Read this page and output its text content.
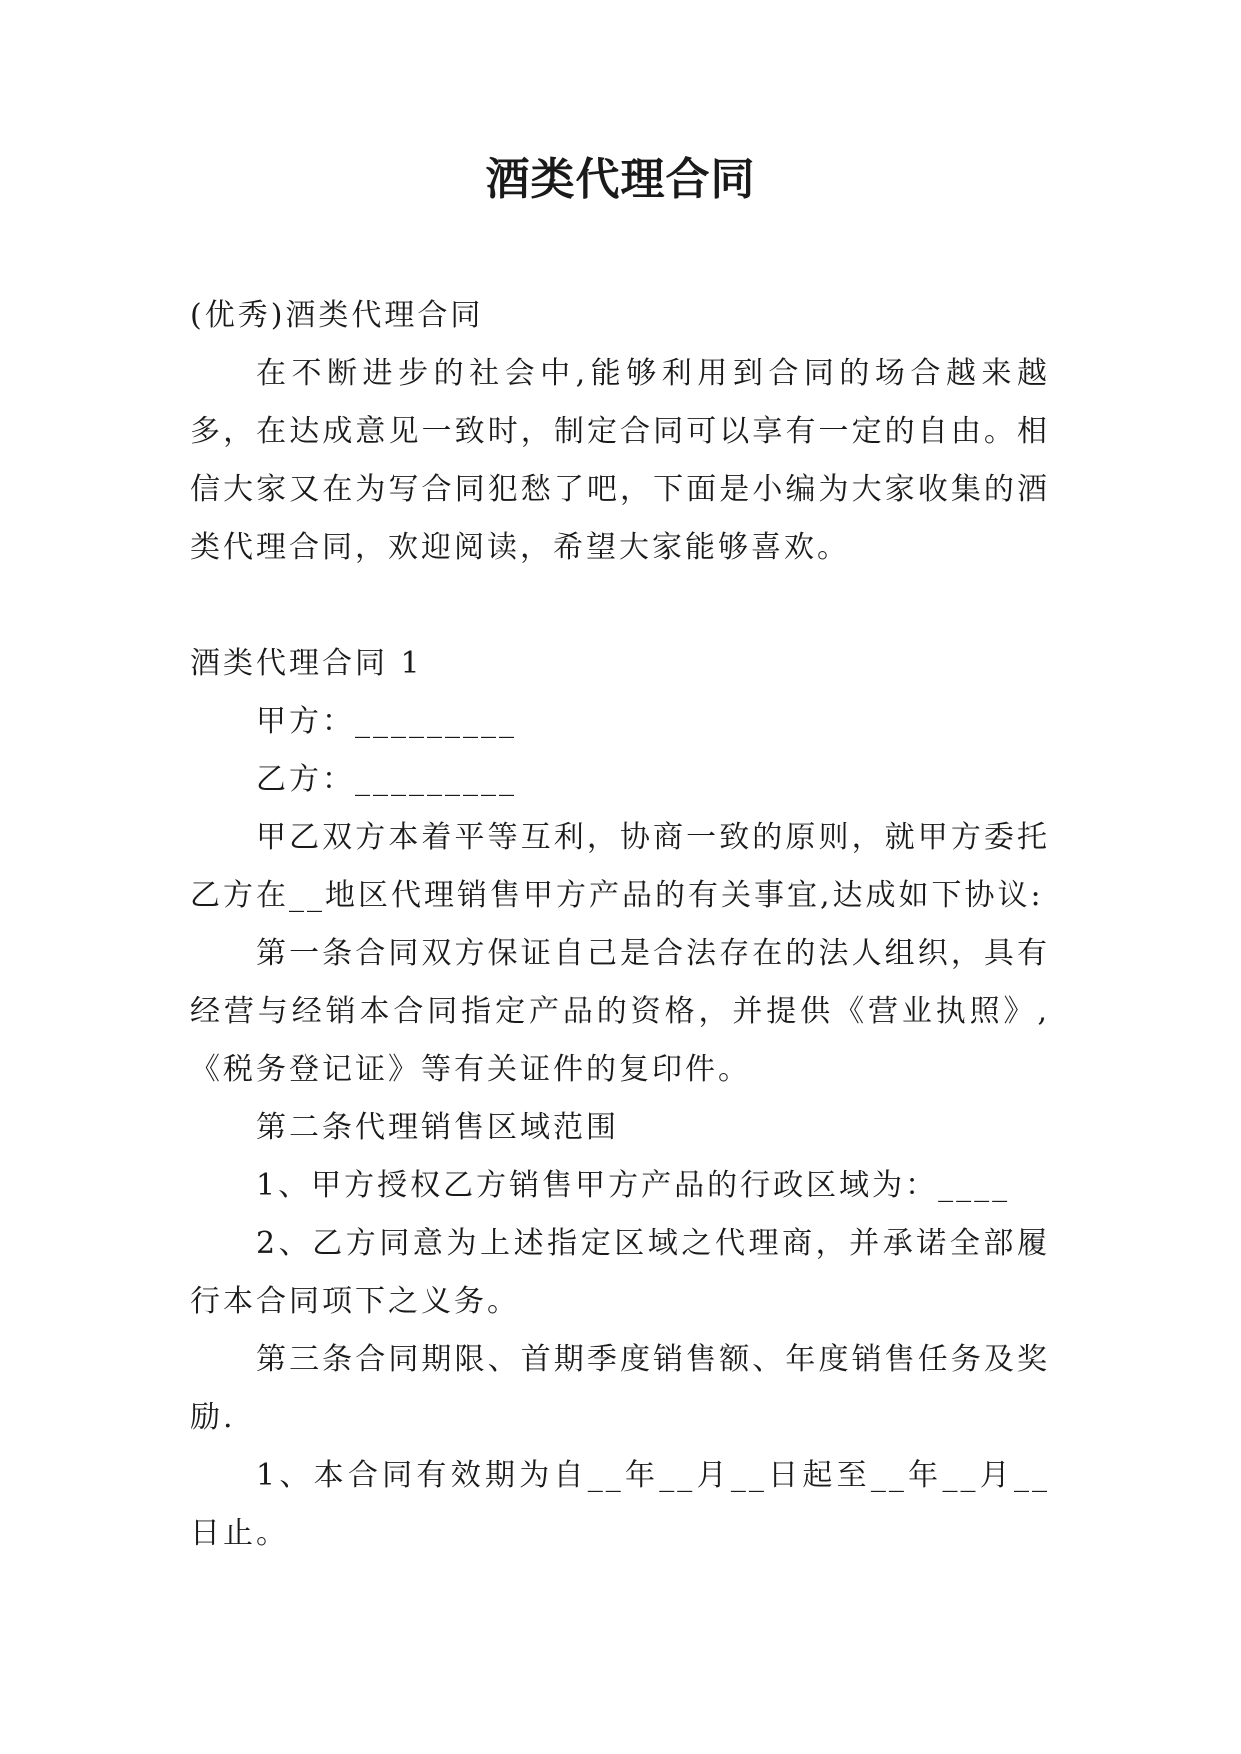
酒类代理合同

(优秀)酒类代理合同

在不断进步的社会中,能够利用到合同的场合越来越多，在达成意见一致时，制定合同可以享有一定的自由。相信大家又在为写合同犯愁了吧，下面是小编为大家收集的酒类代理合同，欢迎阅读，希望大家能够喜欢。

酒类代理合同 1

甲方：_________

乙方：_________

甲乙双方本着平等互利，协商一致的原则，就甲方委托乙方在__地区代理销售甲方产品的有关事宜,达成如下协议:

第一条合同双方保证自己是合法存在的法人组织，具有经营与经销本合同指定产品的资格，并提供《营业执照》,《税务登记证》等有关证件的复印件。

第二条代理销售区域范围

1、甲方授权乙方销售甲方产品的行政区域为：____

2、乙方同意为上述指定区域之代理商，并承诺全部履行本合同项下之义务。

第三条合同期限、首期季度销售额、年度销售任务及奖励.

1、本合同有效期为自__年__月__日起至__年__月__日止。
